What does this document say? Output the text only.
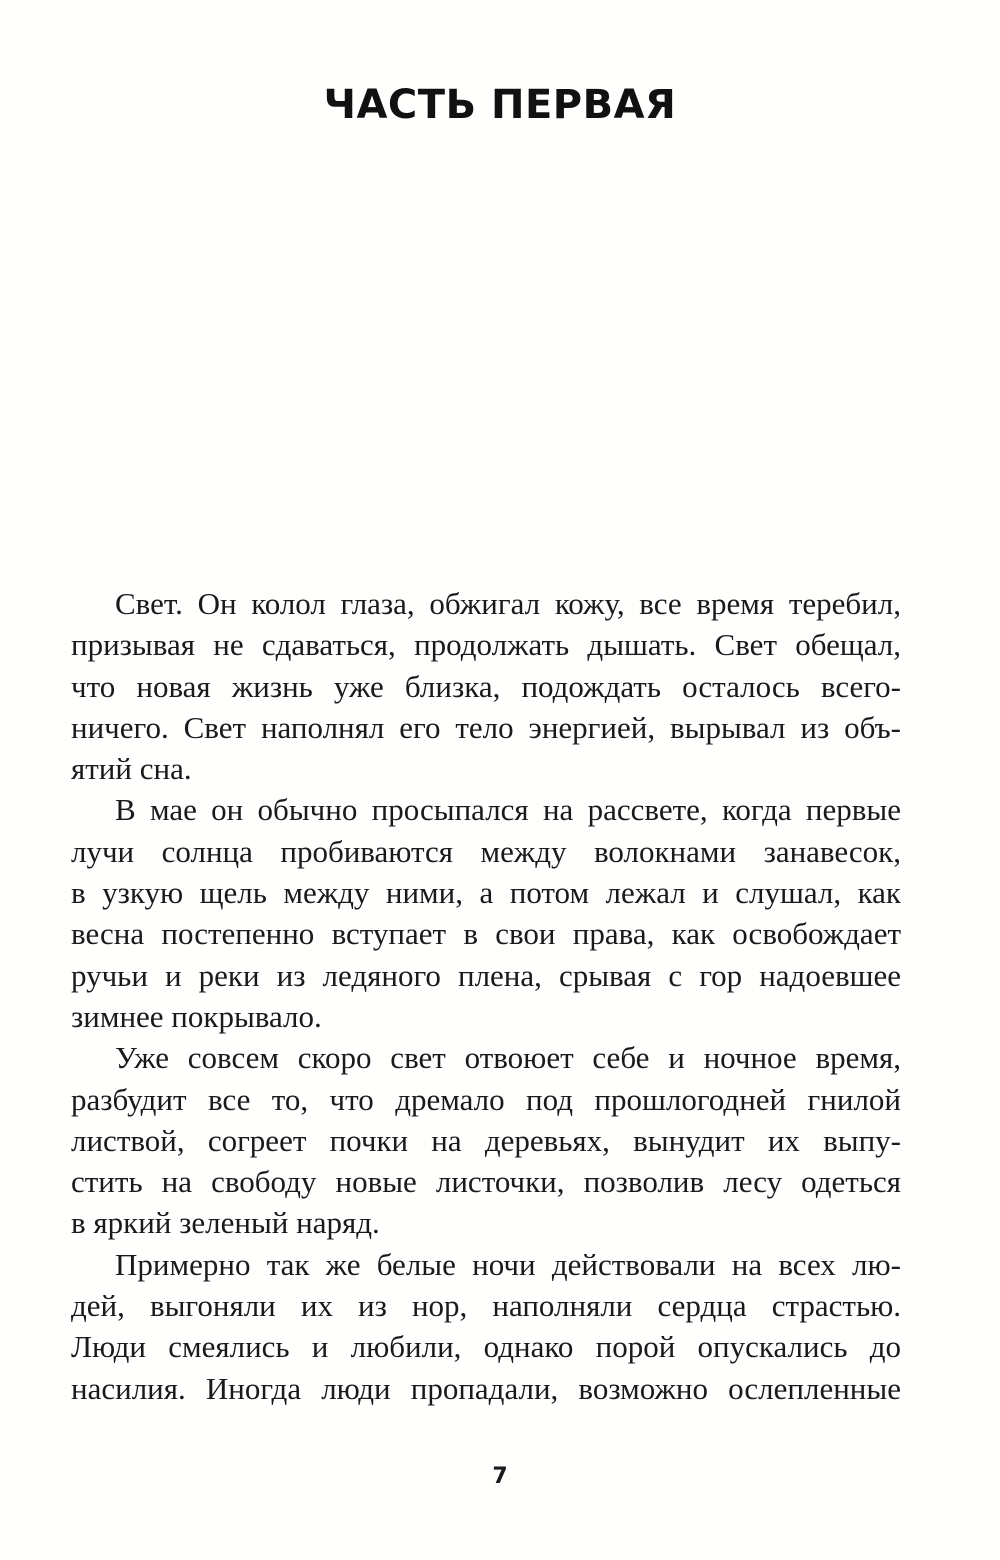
ЧАСТЬ ПЕРВАЯ
Свет. Он колол глаза, обжигал кожу, все время теребил,
призывая не сдаваться, продолжать дышать. Свет обещал,
что новая жизнь уже близка, подождать осталось всего-
ничего. Свет наполнял его тело энергией, вырывал из объ-
ятий сна.
В мае он обычно просыпался на рассвете, когда первые
лучи солнца пробиваются между волокнами занавесок,
в узкую щель между ними, а потом лежал и слушал, как
весна постепенно вступает в свои права, как освобождает
ручьи и реки из ледяного плена, срывая с гор надоевшее
зимнее покрывало.
Уже совсем скоро свет отвоюет себе и ночное время,
разбудит все то, что дремало под прошлогодней гнилой
листвой, согреет почки на деревьях, вынудит их выпу-
стить на свободу новые листочки, позволив лесу одеться
в яркий зеленый наряд.
Примерно так же белые ночи действовали на всех лю-
дей, выгоняли их из нор, наполняли сердца страстью.
Люди смеялись и любили, однако порой опускались до
насилия. Иногда люди пропадали, возможно ослепленные
7
